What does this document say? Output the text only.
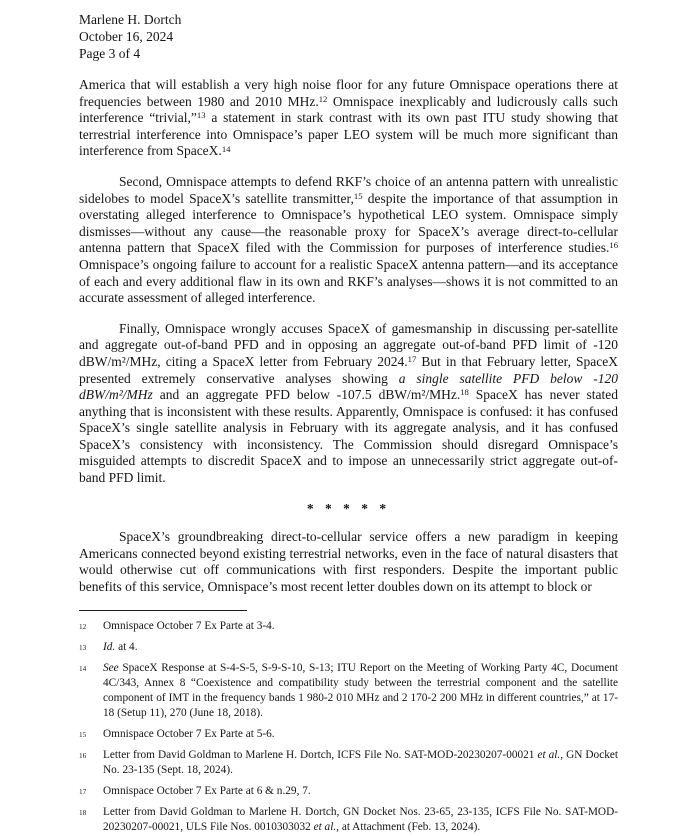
Marlene H. Dortch
October 16, 2024
Page 3 of 4

America that will establish a very high noise floor for any future Omnispace operations there at frequencies between 1980 and 2010 MHz.$^{12}$ Omnispace inexplicably and ludicrously calls such interference “trivial,”$^{13}$ a statement in stark contrast with its own past ITU study showing that terrestrial interference into Omnispace’s paper LEO system will be much more significant than interference from SpaceX.$^{14}$

Second, Omnispace attempts to defend RKF’s choice of an antenna pattern with unrealistic sidelobes to model SpaceX’s satellite transmitter,$^{15}$ despite the importance of that assumption in overstating alleged interference to Omnispace’s hypothetical LEO system. Omnispace simply dismisses—without any cause—the reasonable proxy for SpaceX’s average direct-to-cellular antenna pattern that SpaceX filed with the Commission for purposes of interference studies.$^{16}$ Omnispace’s ongoing failure to account for a realistic SpaceX antenna pattern—and its acceptance of each and every additional flaw in its own and RKF’s analyses—shows it is not committed to an accurate assessment of alleged interference.

Finally, Omnispace wrongly accuses SpaceX of gamesmanship in discussing per-satellite and aggregate out-of-band PFD and in opposing an aggregate out-of-band PFD limit of -120 dBW/m²/MHz, citing a SpaceX letter from February 2024.17 But in that February letter, SpaceX presented extremely conservative analyses showing a single satellite PFD below -120 dBW/m²/MHz and an aggregate PFD below -107.5 dBW/m²/MHz.$^{18}$ SpaceX has never stated anything that is inconsistent with these results. Apparently, Omnispace is confused: it has confused SpaceX’s single satellite analysis in February with its aggregate analysis, and it has confused SpaceX’s consistency with inconsistency. The Commission should disregard Omnispace’s misguided attempts to discredit SpaceX and to impose an unnecessarily strict aggregate out-of-band PFD limit.

* * * * *

SpaceX’s groundbreaking direct-to-cellular service offers a new paradigm in keeping Americans connected beyond existing terrestrial networks, even in the face of natural disasters that would otherwise cut off communications with first responders. Despite the important public benefits of this service, Omnispace’s most recent letter doubles down on its attempt to block or

12	Omnispace October 7 Ex Parte at 3-4.
13	Id. at 4.
14	See SpaceX Response at S-4-S-5, S-9-S-10, S-13; ITU Report on the Meeting of Working Party 4C, Document 4C/343, Annex 8 “Coexistence and compatibility study between the terrestrial component and the satellite component of IMT in the frequency bands 1 980-2 010 MHz and 2 170-2 200 MHz in different countries,” at 17-18 (Setup 11), 270 (June 18, 2018).
15	Omnispace October 7 Ex Parte at 5-6.
16	Letter from David Goldman to Marlene H. Dortch, ICFS File No. SAT-MOD-20230207-00021 et al., GN Docket No. 23-135 (Sept. 18, 2024).
17	Omnispace October 7 Ex Parte at 6 & n.29, 7.
18	Letter from David Goldman to Marlene H. Dortch, GN Docket Nos. 23-65, 23-135, ICFS File No. SAT-MOD-20230207-00021, ULS File Nos. 0010303032 et al., at Attachment (Feb. 13, 2024).
